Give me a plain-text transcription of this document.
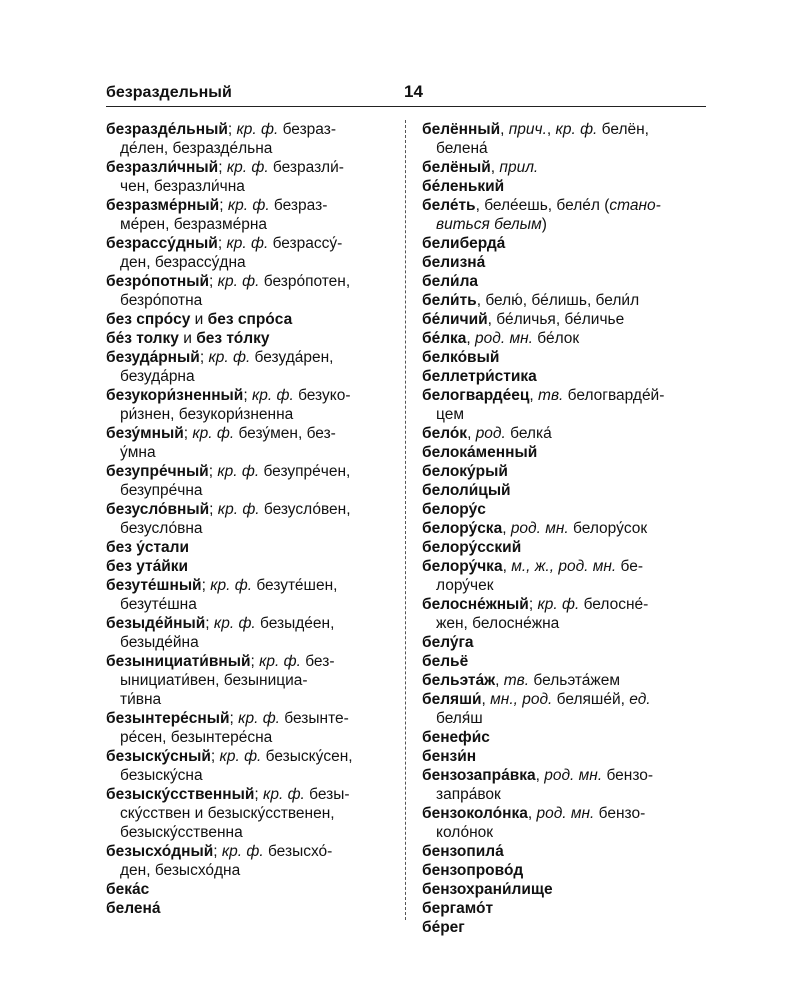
безраздельный	14
безразде́льный; кр. ф. безраз-
де́лен, безразде́льна
безразли́чный; кр. ф. безразли́-
чен, безразли́чна
безразме́рный; кр. ф. безраз-
ме́рен, безразме́рна
безрассу́дный; кр. ф. безрассу́-
ден, безрассу́дна
безро́потный; кр. ф. безро́потен,
безро́потна
без спро́су и без спро́са
бе́з толку и без то́лку
безуда́рный; кр. ф. безуда́рен,
безуда́рна
безукори́зненный; кр. ф. безуко-
ри́знен, безукори́зненна
безу́мный; кр. ф. безу́мен, без-
у́мна
безупре́чный; кр. ф. безупре́чен,
безупре́чна
безусло́вный; кр. ф. безусло́вен,
безусло́вна
без у́стали
без ута́йки
безуте́шный; кр. ф. безуте́шен,
безуте́шна
безыде́йный; кр. ф. безыде́ен,
безыде́йна
безынициати́вный; кр. ф. без-
ынициати́вен, безынициа-
ти́вна
безынтере́сный; кр. ф. безынте-
ре́сен, безынтере́сна
безыску́сный; кр. ф. безыску́сен,
безыску́сна
безыску́сственный; кр. ф. безы-
ску́сствен и безыску́сственен,
безыску́сственна
безысхо́дный; кр. ф. безысхо́-
ден, безысхо́дна
бека́с
белена́
белённый, прич., кр. ф. белён,
белена́
белёный, прил.
бе́ленький
беле́ть, беле́ешь, беле́л (стано-
виться белым)
белиберда́
белизна́
бели́ла
бели́ть, белю́, бе́лишь, бели́л
бе́личий, бе́личья, бе́личье
бе́лка, род. мн. бе́лок
белко́вый
беллетри́стика
белогварде́ец, тв. белогварде́й-
цем
бело́к, род. белка́
белока́менный
белоку́рый
белоли́цый
белору́с
белору́ска, род. мн. белору́сок
белору́сский
белору́чка, м., ж., род. мн. бе-
лору́чек
белосне́жный; кр. ф. белосне́-
жен, белосне́жна
белу́га
бельё
бельэта́ж, тв. бельэта́жем
беляши́, мн., род. беляше́й, ед.
беля́ш
бенефи́с
бензи́н
бензозапра́вка, род. мн. бензо-
запра́вок
бензоколо́нка, род. мн. бензо-
коло́нок
бензопила́
бензопрово́д
бензохрани́лище
бергамо́т
бе́рег
